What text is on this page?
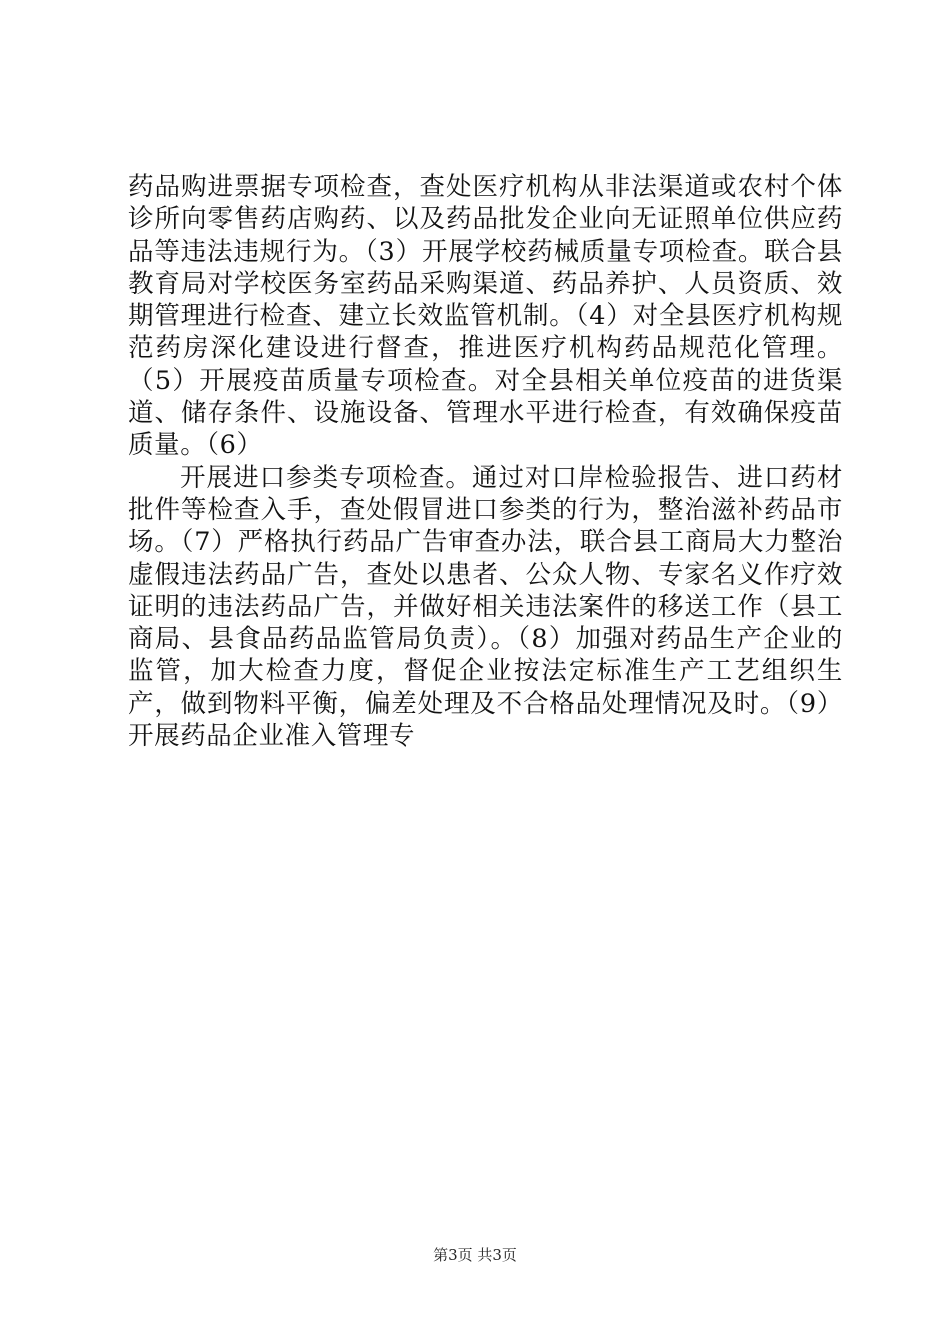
药品购进票据专项检查，查处医疗机构从非法渠道或农村个体诊所向零售药店购药、以及药品批发企业向无证照单位供应药品等违法违规行为。（3）开展学校药械质量专项检查。联合县教育局对学校医务室药品采购渠道、药品养护、人员资质、效期管理进行检查、建立长效监管机制。（4）对全县医疗机构规范药房深化建设进行督查，推进医疗机构药品规范化管理。（5）开展疫苗质量专项检查。对全县相关单位疫苗的进货渠道、储存条件、设施设备、管理水平进行检查，有效确保疫苗质量。（6）

开展进口参类专项检查。通过对口岸检验报告、进口药材批件等检查入手，查处假冒进口参类的行为，整治滋补药品市场。（7）严格执行药品广告审查办法，联合县工商局大力整治虚假违法药品广告，查处以患者、公众人物、专家名义作疗效证明的违法药品广告，并做好相关违法案件的移送工作（县工商局、县食品药品监管局负责）。（8）加强对药品生产企业的监管，加大检查力度，督促企业按法定标准生产工艺组织生产，做到物料平衡，偏差处理及不合格品处理情况及时。（9）开展药品企业准入管理专

第3页 共3页
